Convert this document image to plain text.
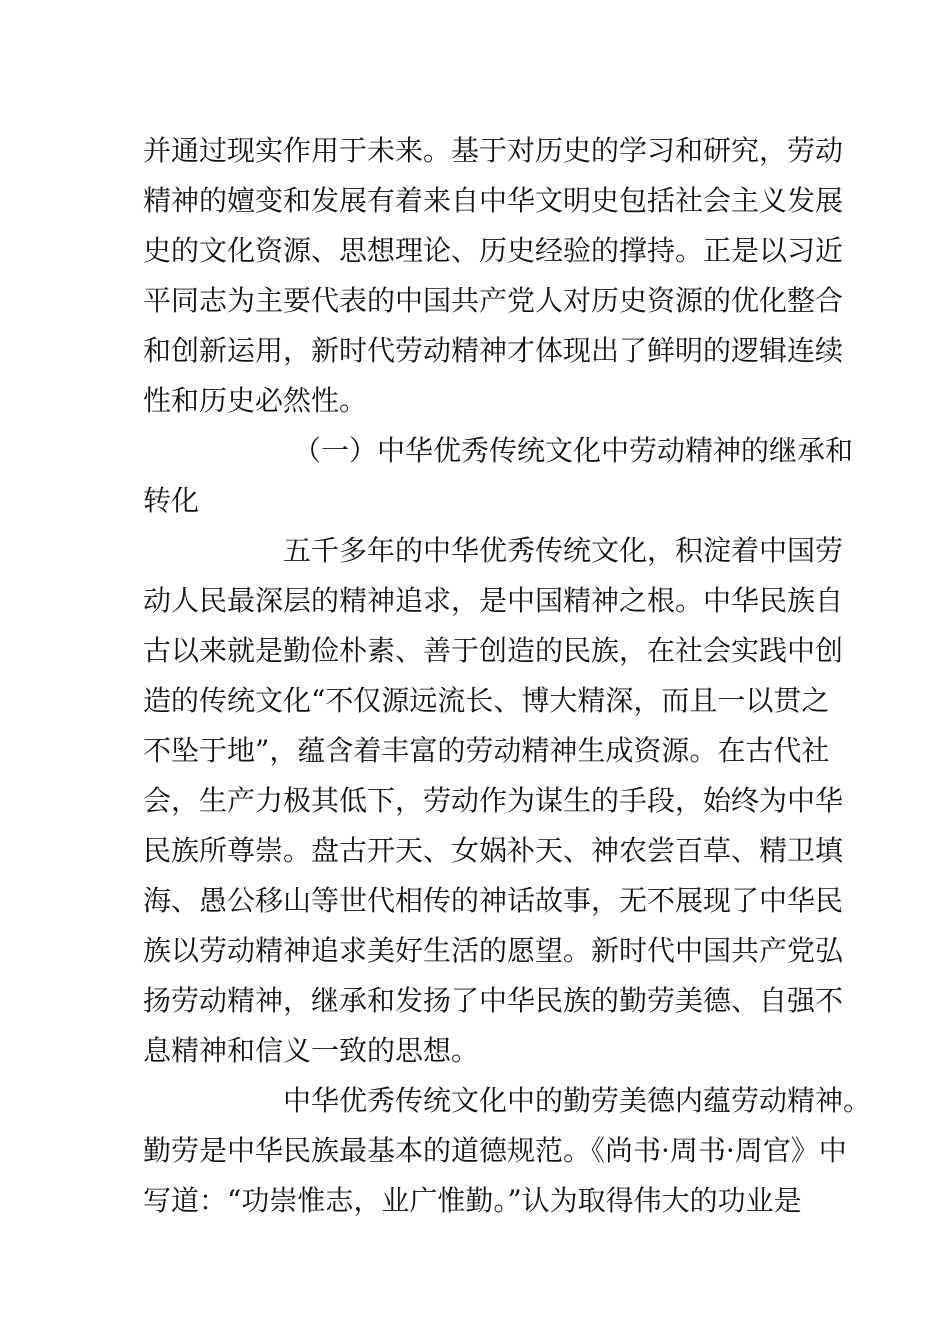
并通过现实作用于未来。基于对历史的学习和研究，劳动
精神的嬗变和发展有着来自中华文明史包括社会主义发展
史的文化资源、思想理论、历史经验的撑持。正是以习近
平同志为主要代表的中国共产党人对历史资源的优化整合
和创新运用，新时代劳动精神才体现出了鲜明的逻辑连续
性和历史必然性。
（一）中华优秀传统文化中劳动精神的继承和
转化
五千多年的中华优秀传统文化，积淀着中国劳
动人民最深层的精神追求，是中国精神之根。中华民族自
古以来就是勤俭朴素、善于创造的民族，在社会实践中创
造的传统文化“不仅源远流长、博大精深，而且一以贯之
不坠于地”，蕴含着丰富的劳动精神生成资源。在古代社
会，生产力极其低下，劳动作为谋生的手段，始终为中华
民族所尊崇。盘古开天、女娲补天、神农尝百草、精卫填
海、愚公移山等世代相传的神话故事，无不展现了中华民
族以劳动精神追求美好生活的愿望。新时代中国共产党弘
扬劳动精神，继承和发扬了中华民族的勤劳美德、自强不
息精神和信义一致的思想。
中华优秀传统文化中的勤劳美德内蕴劳动精神。
勤劳是中华民族最基本的道德规范。《尚书·周书·周官》中
写道：“功崇惟志，业广惟勤。”认为取得伟大的功业是
